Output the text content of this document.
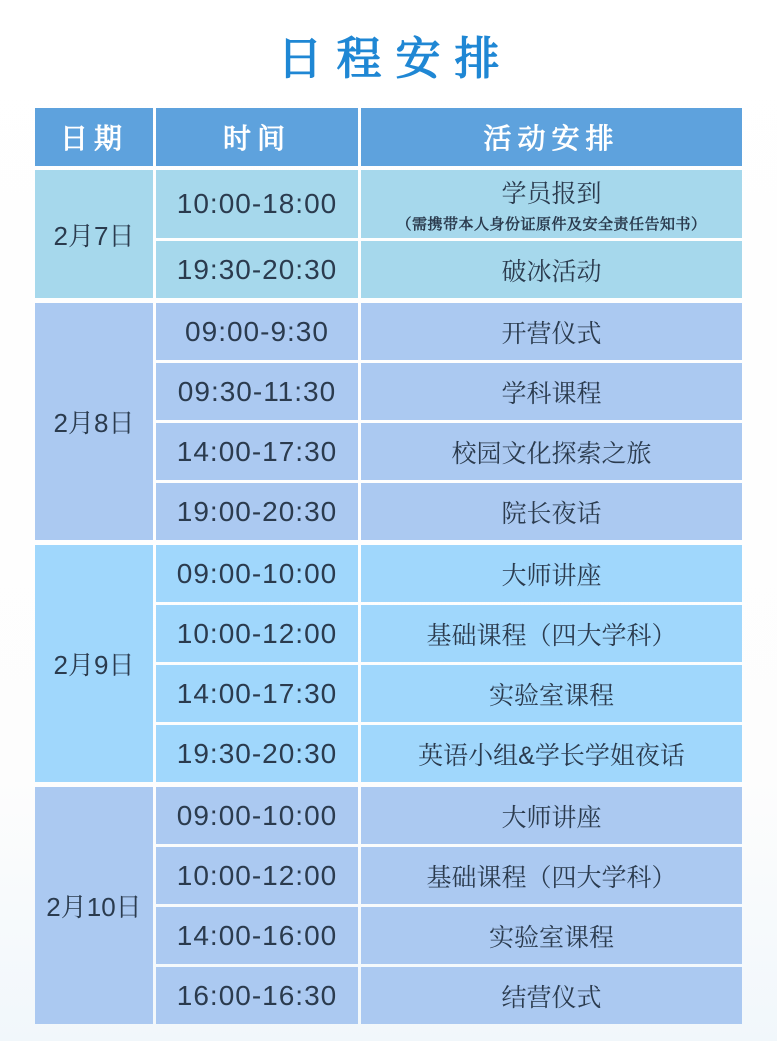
日程安排
日期	时间	活动安排
2月7日
10:00-18:00	学员报到
（需携带本人身份证原件及安全责任告知书）
19:30-20:30	破冰活动
2月8日
09:00-9:30	开营仪式
09:30-11:30	学科课程
14:00-17:30	校园文化探索之旅
19:00-20:30	院长夜话
2月9日
09:00-10:00	大师讲座
10:00-12:00	基础课程（四大学科）
14:00-17:30	实验室课程
19:30-20:30	英语小组&学长学姐夜话
2月10日
09:00-10:00	大师讲座
10:00-12:00	基础课程（四大学科）
14:00-16:00	实验室课程
16:00-16:30	结营仪式
